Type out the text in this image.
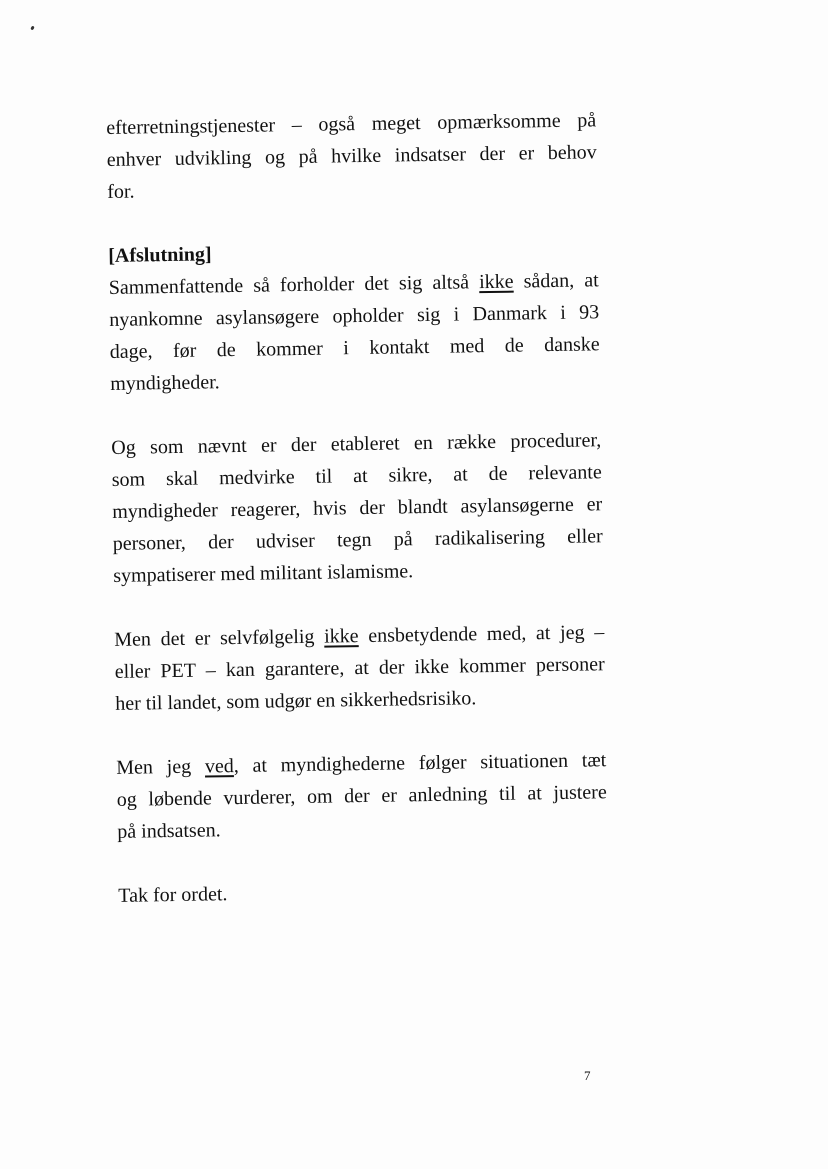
efterretningstjenester – også meget opmærksomme på
enhver udvikling og på hvilke indsatser der er behov
for.

[Afslutning]
Sammenfattende så forholder det sig altså ikke sådan, at
nyankomne asylansøgere opholder sig i Danmark i 93
dage, før de kommer i kontakt med de danske
myndigheder.

Og som nævnt er der etableret en række procedurer,
som skal medvirke til at sikre, at de relevante
myndigheder reagerer, hvis der blandt asylansøgerne er
personer, der udviser tegn på radikalisering eller
sympatiserer med militant islamisme.

Men det er selvfølgelig ikke ensbetydende med, at jeg –
eller PET – kan garantere, at der ikke kommer personer
her til landet, som udgør en sikkerhedsrisiko.

Men jeg ved, at myndighederne følger situationen tæt
og løbende vurderer, om der er anledning til at justere
på indsatsen.

Tak for ordet.

7
